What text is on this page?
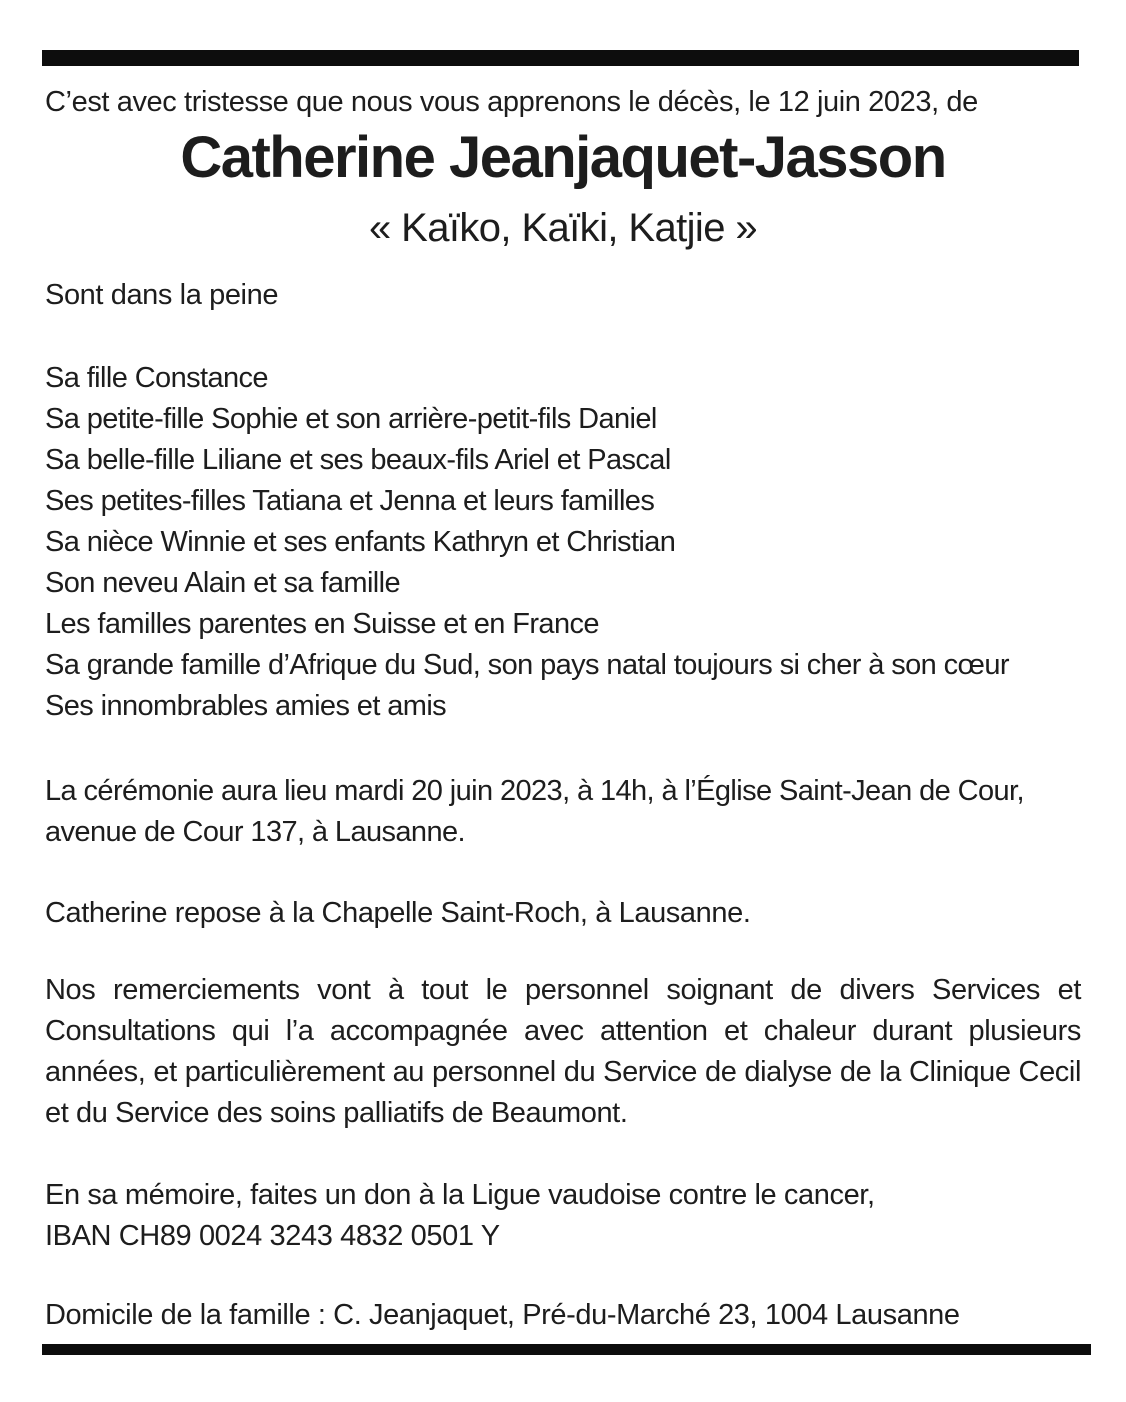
C’est avec tristesse que nous vous apprenons le décès, le 12 juin 2023, de

Catherine Jeanjaquet-Jasson

« Kaïko, Kaïki, Katjie »

Sont dans la peine

Sa fille Constance

Sa petite-fille Sophie et son arrière-petit-fils Daniel

Sa belle-fille Liliane et ses beaux-fils Ariel et Pascal

Ses petites-filles Tatiana et Jenna et leurs familles

Sa nièce Winnie et ses enfants Kathryn et Christian

Son neveu Alain et sa famille

Les familles parentes en Suisse et en France

Sa grande famille d’Afrique du Sud, son pays natal toujours si cher à son cœur

Ses innombrables amies et amis

La cérémonie aura lieu mardi 20 juin 2023, à 14h, à l’Église Saint-Jean de Cour,

avenue de Cour 137, à Lausanne.

Catherine repose à la Chapelle Saint-Roch, à Lausanne.

Nos remerciements vont à tout le personnel soignant de divers Services et Consultations qui l’a accompagnée avec attention et chaleur durant plusieurs années, et particulièrement au personnel du Service de dialyse de la Clinique Cecil et du Service des soins palliatifs de Beaumont.

En sa mémoire, faites un don à la Ligue vaudoise contre le cancer,

IBAN CH89 0024 3243 4832 0501 Y

Domicile de la famille : C. Jeanjaquet, Pré-du-Marché 23, 1004 Lausanne
